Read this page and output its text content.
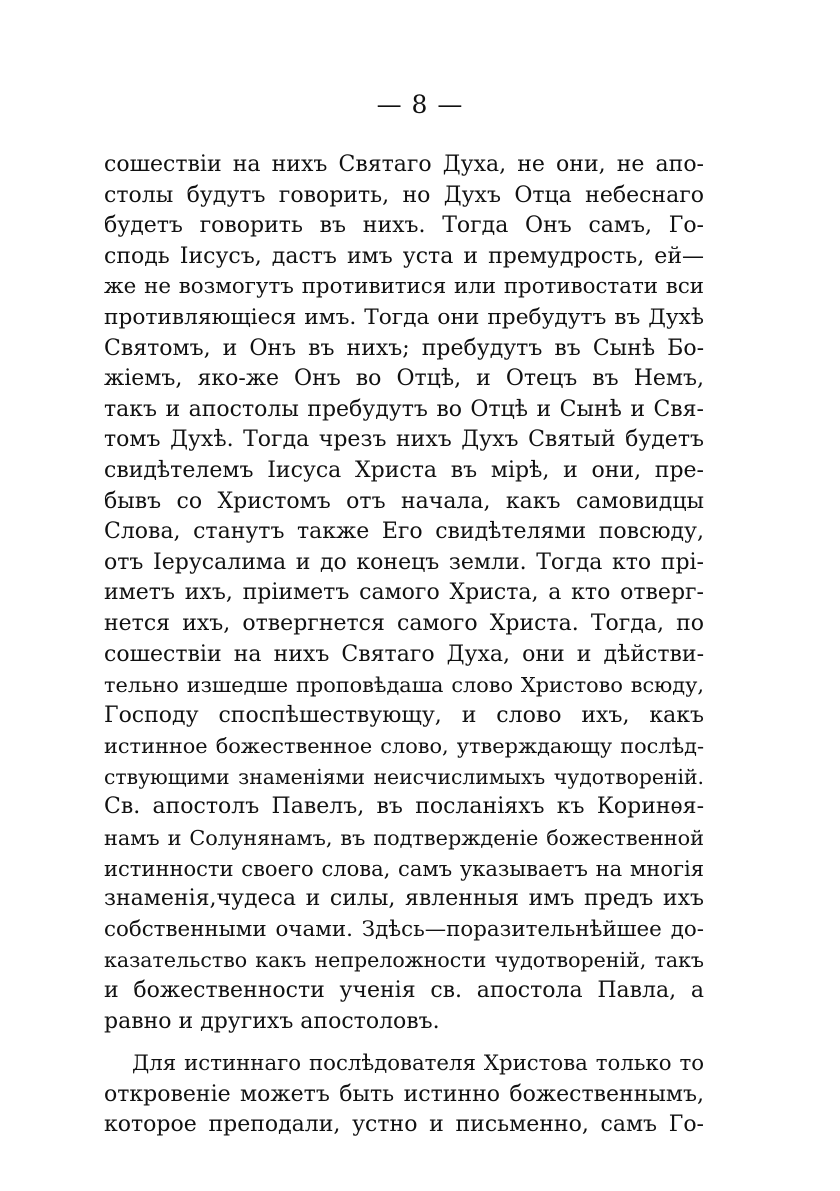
— 8 —
сошествіи на нихъ Святаго Духа, не они, не апо-
столы будутъ говорить, но Духъ Отца небеснаго
будетъ говорить въ нихъ. Тогда Онъ самъ, Го-
сподь Іисусъ, дастъ имъ уста и премудрость, ей—
же не возмогутъ противитися или противостати вси
противляющіеся имъ. Тогда они пребудутъ въ Духѣ
Святомъ, и Онъ въ нихъ; пребудутъ въ Сынѣ Бо-
жіемъ, яко-же Онъ во Отцѣ, и Отецъ въ Немъ,
такъ и апостолы пребудутъ во Отцѣ и Сынѣ и Свя-
томъ Духѣ. Тогда чрезъ нихъ Духъ Святый будетъ
свидѣтелемъ Іисуса Христа въ мірѣ, и они, пре-
бывъ со Христомъ отъ начала, какъ самовидцы
Слова, станутъ также Его свидѣтелями повсюду,
отъ Іерусалима и до конецъ земли. Тогда кто прі-
иметъ ихъ, пріиметъ самого Христа, а кто отверг-
нется ихъ, отвергнется самого Христа. Тогда, по
сошествіи на нихъ Святаго Духа, они и дѣйстви-
тельно изшедше проповѣдаша слово Христово всюду,
Господу споспѣшествующу, и слово ихъ, какъ
истинное божественное слово, утверждающу послѣд-
ствующими знаменіями неисчислимыхъ чудотвореній.
Св. апостолъ Павелъ, въ посланіяхъ къ Коринѳя-
намъ и Солунянамъ, въ подтвержденіе божественной
истинности своего слова, самъ указываетъ на многія
знаменія,чудеса и силы, явленныя имъ предъ ихъ
собственными очами. Здѣсь—поразительнѣйшее до-
казательство какъ непреложности чудотвореній, такъ
и божественности ученія св. апостола Павла, а
равно и другихъ апостоловъ.
Для истиннаго послѣдователя Христова только то
откровеніе можетъ быть истинно божественнымъ,
которое преподали, устно и письменно, самъ Го-
